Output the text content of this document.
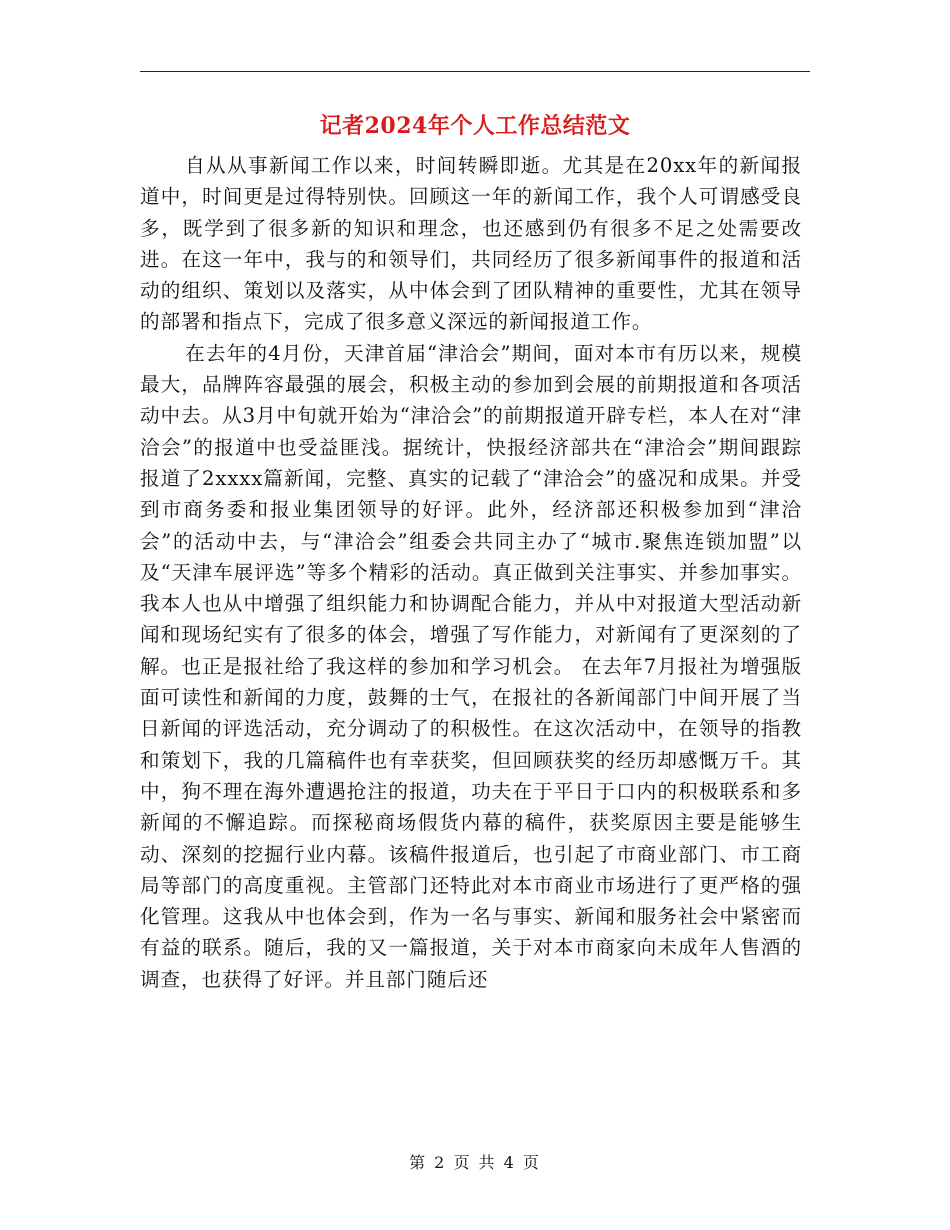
记者2024年个人工作总结范文

自从从事新闻工作以来，时间转瞬即逝。尤其是在20xx年的新闻报道中，时间更是过得特别快。回顾这一年的新闻工作，我个人可谓感受良多，既学到了很多新的知识和理念，也还感到仍有很多不足之处需要改进。在这一年中，我与的和领导们，共同经历了很多新闻事件的报道和活动的组织、策划以及落实，从中体会到了团队精神的重要性，尤其在领导的部署和指点下，完成了很多意义深远的新闻报道工作。

在去年的4月份，天津首届“津洽会”期间，面对本市有历以来，规模最大，品牌阵容最强的展会，积极主动的参加到会展的前期报道和各项活动中去。从3月中旬就开始为“津洽会”的前期报道开辟专栏，本人在对“津洽会”的报道中也受益匪浅。据统计，快报经济部共在“津洽会”期间跟踪报道了2xxxx篇新闻，完整、真实的记载了“津洽会”的盛况和成果。并受到市商务委和报业集团领导的好评。此外，经济部还积极参加到“津洽会”的活动中去，与“津洽会”组委会共同主办了“城市.聚焦连锁加盟”以及“天津车展评选”等多个精彩的活动。真正做到关注事实、并参加事实。我本人也从中增强了组织能力和协调配合能力，并从中对报道大型活动新闻和现场纪实有了很多的体会，增强了写作能力，对新闻有了更深刻的了解。也正是报社给了我这样的参加和学习机会。 在去年7月报社为增强版面可读性和新闻的力度，鼓舞的士气，在报社的各新闻部门中间开展了当日新闻的评选活动，充分调动了的积极性。在这次活动中，在领导的指教和策划下，我的几篇稿件也有幸获奖，但回顾获奖的经历却感慨万千。其中，狗不理在海外遭遇抢注的报道，功夫在于平日于口内的积极联系和多新闻的不懈追踪。而探秘商场假货内幕的稿件，获奖原因主要是能够生动、深刻的挖掘行业内幕。该稿件报道后，也引起了市商业部门、市工商局等部门的高度重视。主管部门还特此对本市商业市场进行了更严格的强化管理。这我从中也体会到，作为一名与事实、新闻和服务社会中紧密而有益的联系。随后，我的又一篇报道，关于对本市商家向未成年人售酒的调查，也获得了好评。并且部门随后还

第 2 页 共 4 页
